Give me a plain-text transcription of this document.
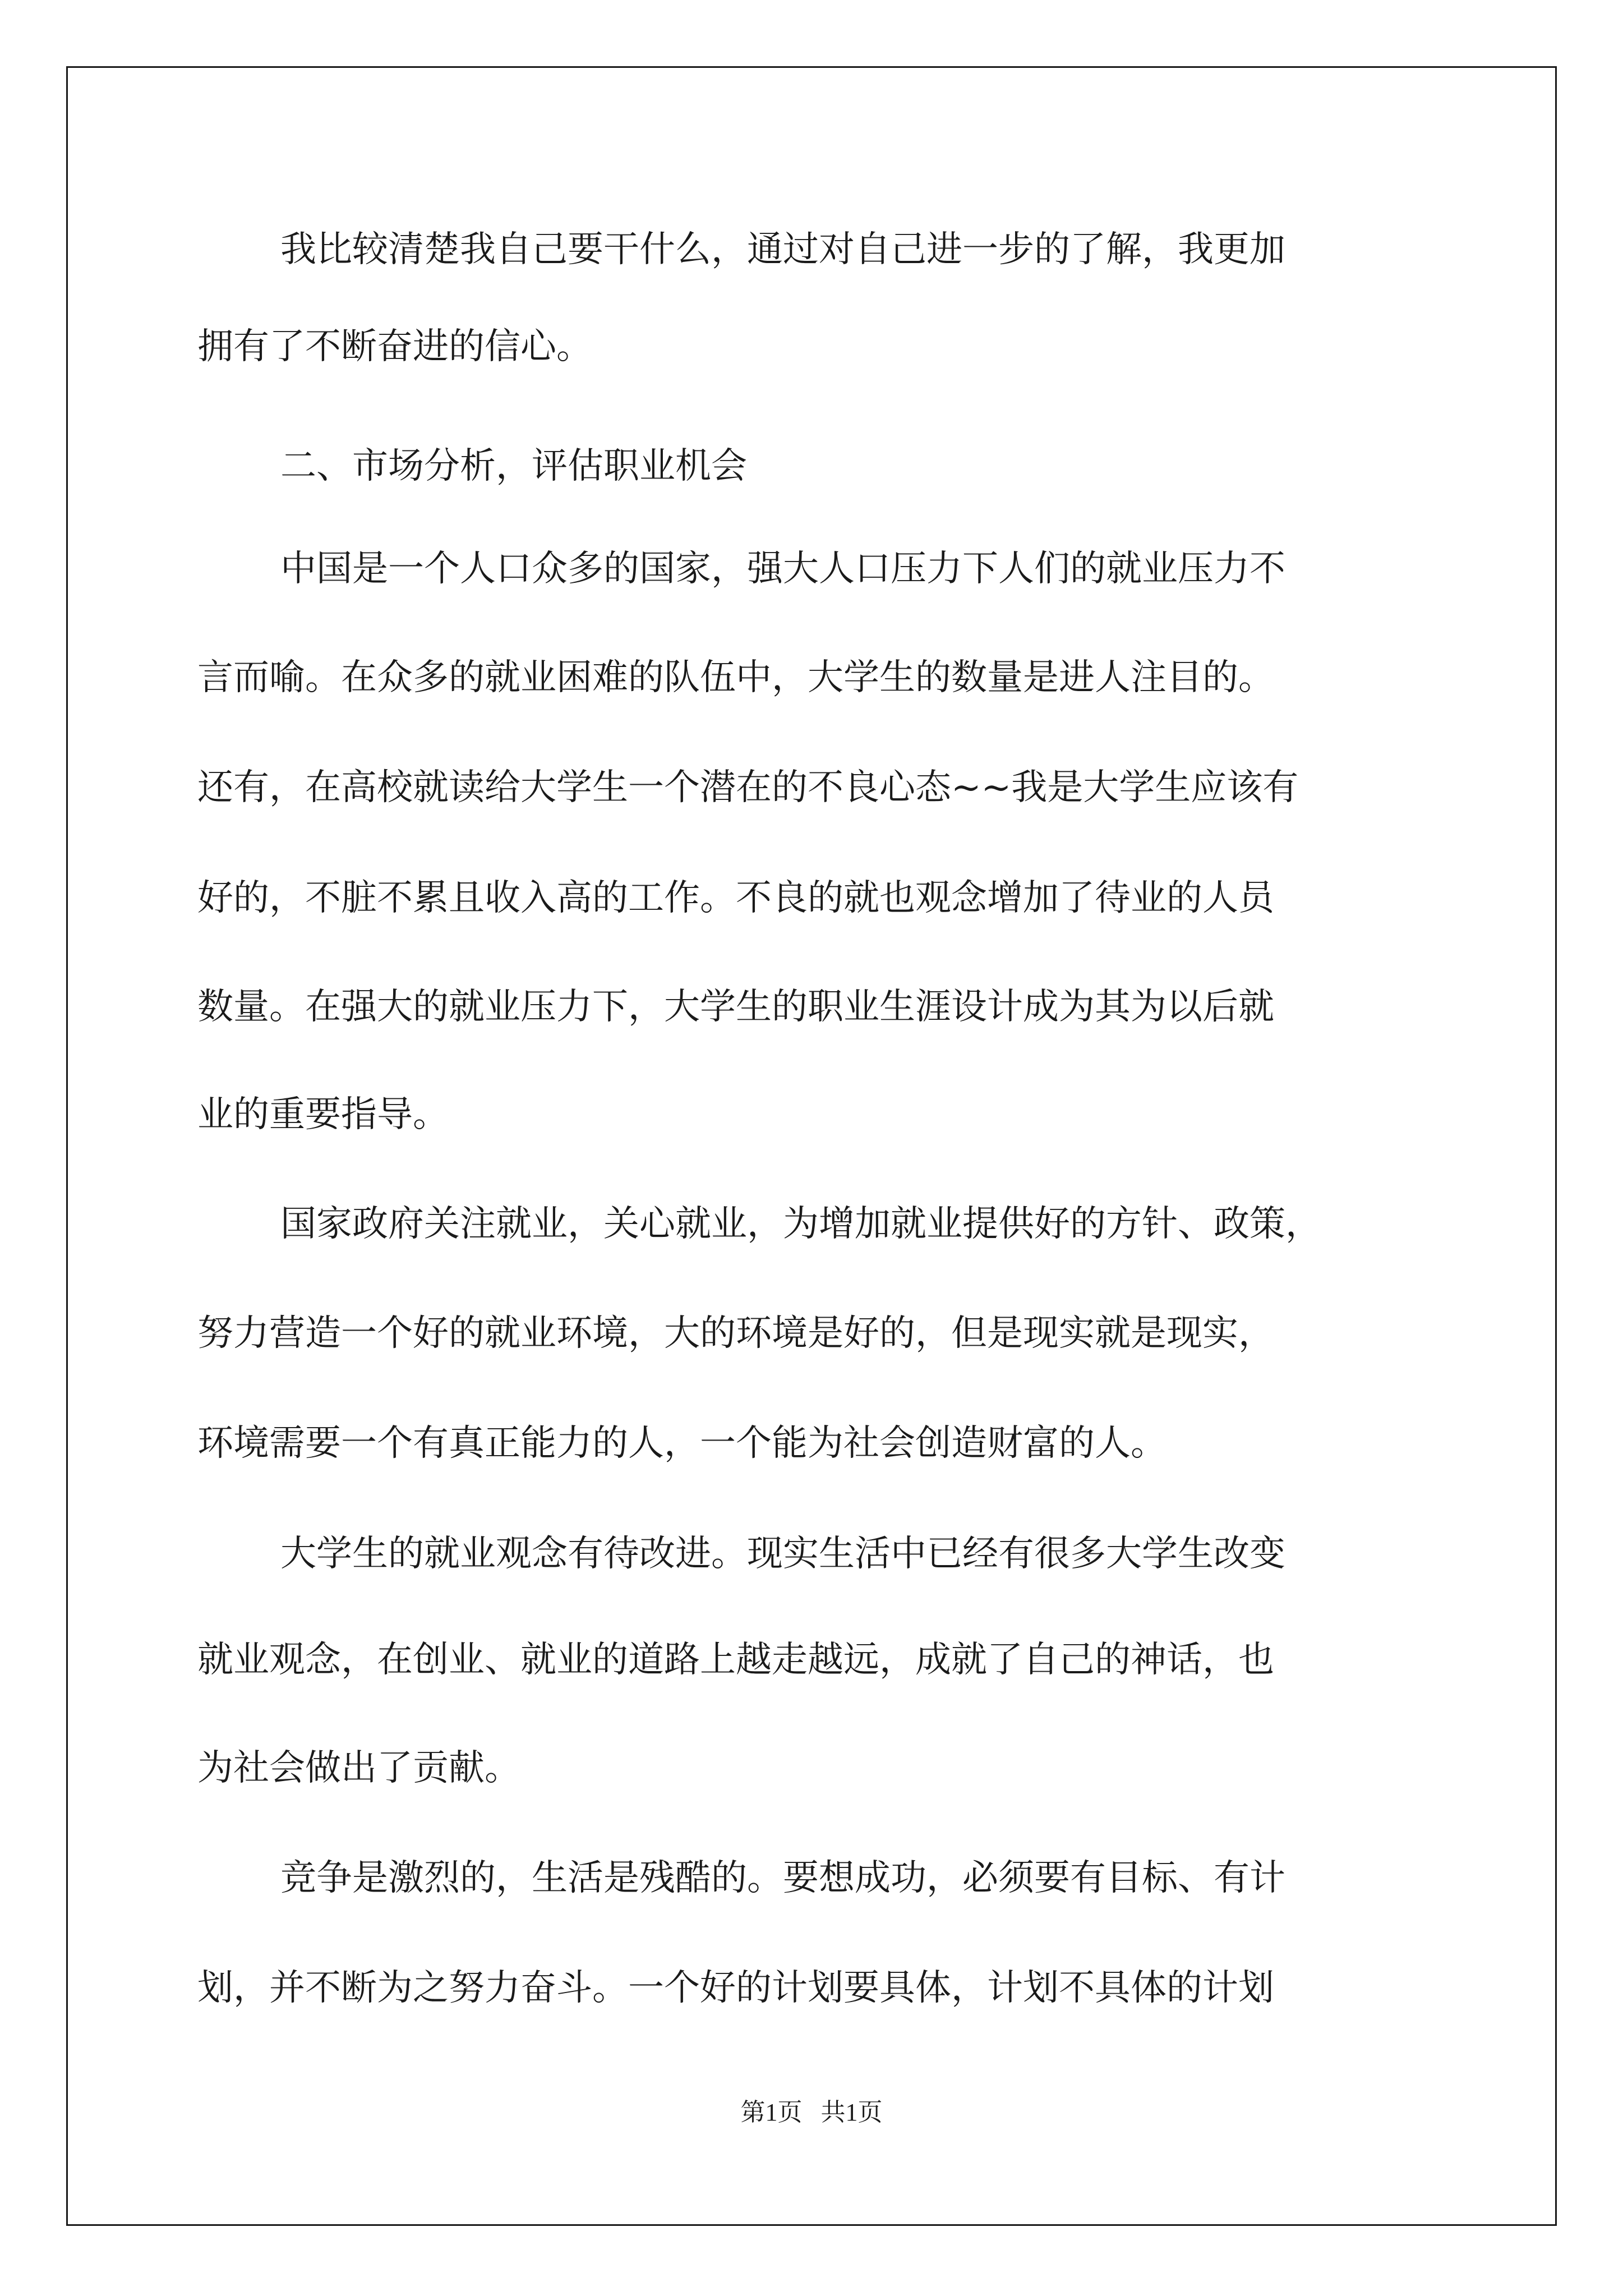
我比较清楚我自己要干什么，通过对自己进一步的了解，我更加

拥有了不断奋进的信心。

二、市场分析，评估职业机会

中国是一个人口众多的国家，强大人口压力下人们的就业压力不

言而喻。在众多的就业困难的队伍中，大学生的数量是进人注目的。

还有，在高校就读给大学生一个潜在的不良心态~~我是大学生应该有

好的，不脏不累且收入高的工作。不良的就也观念增加了待业的人员

数量。在强大的就业压力下，大学生的职业生涯设计成为其为以后就

业的重要指导。

国家政府关注就业，关心就业，为增加就业提供好的方针、政策，

努力营造一个好的就业环境，大的环境是好的，但是现实就是现实，

环境需要一个有真正能力的人，一个能为社会创造财富的人。

大学生的就业观念有待改进。现实生活中已经有很多大学生改变

就业观念，在创业、就业的道路上越走越远，成就了自己的神话，也

为社会做出了贡献。

竞争是激烈的，生活是残酷的。要想成功，必须要有目标、有计

划，并不断为之努力奋斗。一个好的计划要具体，计划不具体的计划

第1页   共1页
